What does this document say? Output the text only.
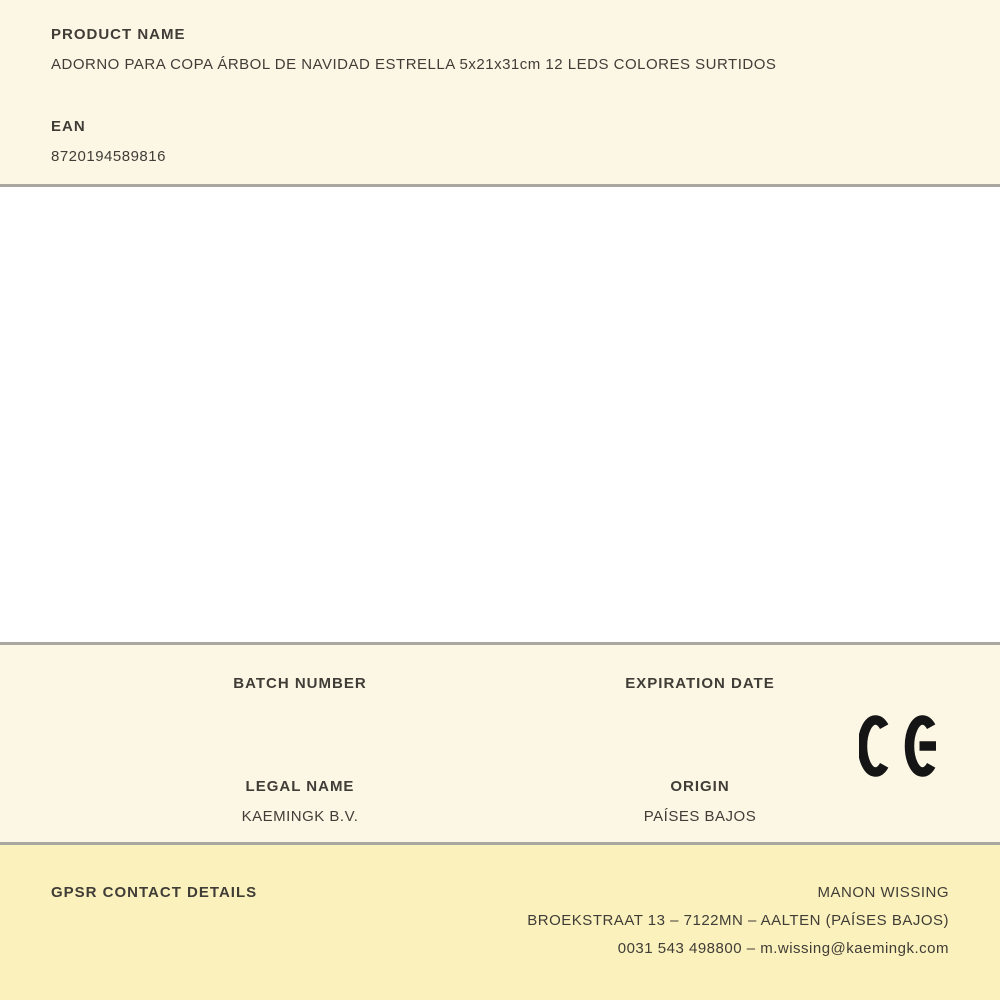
PRODUCT NAME
ADORNO PARA COPA ÁRBOL DE NAVIDAD ESTRELLA 5x21x31cm 12 LEDS COLORES SURTIDOS
EAN
8720194589816
BATCH NUMBER	EXPIRATION DATE
LEGAL NAME
KAEMINGK B.V.
ORIGIN
PAÍSES BAJOS
GPSR CONTACT DETAILS	MANON WISSING
BROEKSTRAAT 13 – 7122MN – AALTEN (PAÍSES BAJOS)
0031 543 498800 – m.wissing@kaemingk.com
